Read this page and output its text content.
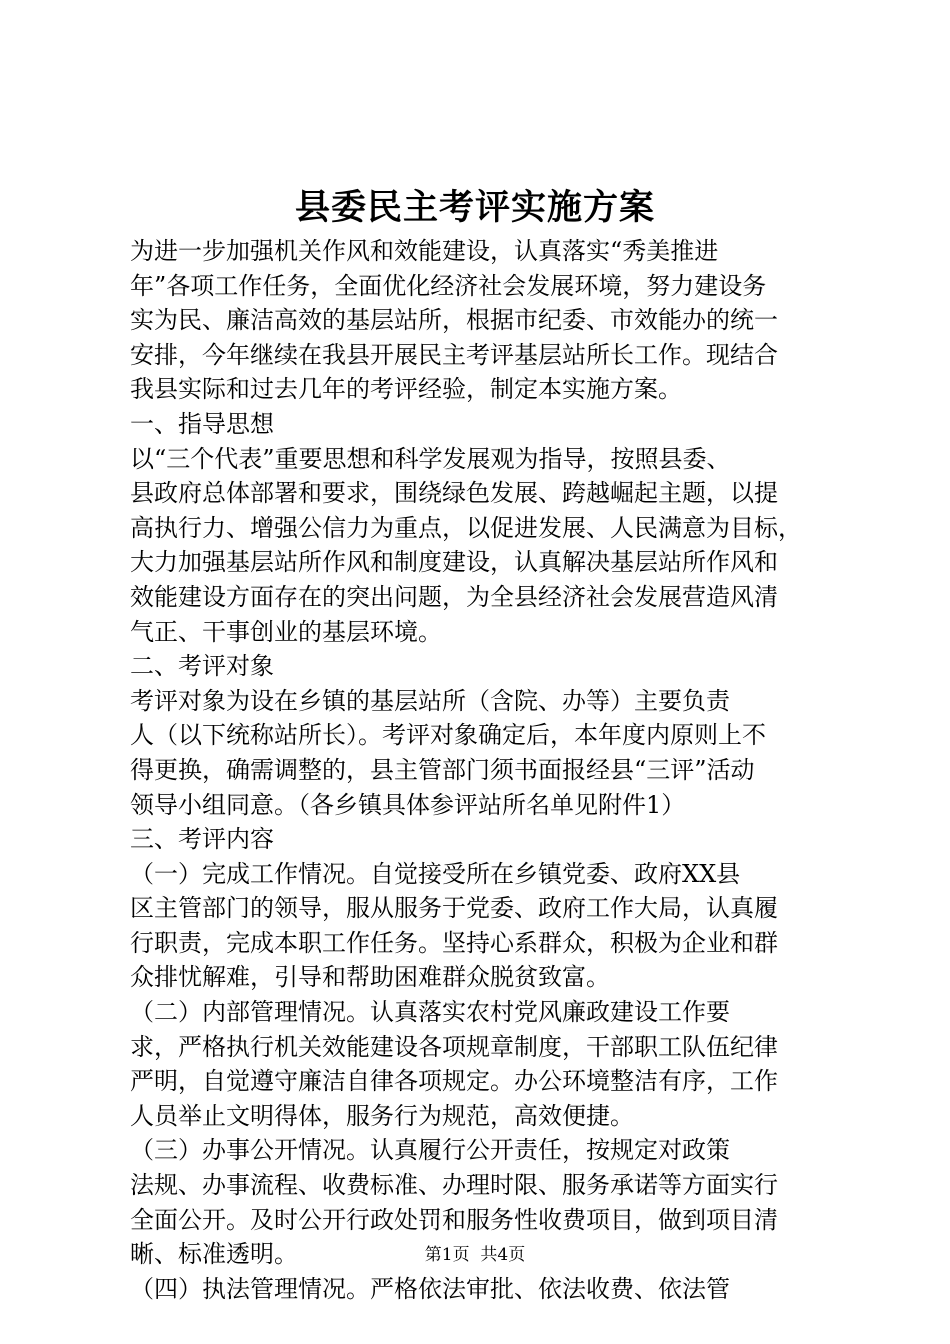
县委民主考评实施方案
为进一步加强机关作风和效能建设，认真落实“秀美推进
年”各项工作任务，全面优化经济社会发展环境，努力建设务
实为民、廉洁高效的基层站所，根据市纪委、市效能办的统一
安排，今年继续在我县开展民主考评基层站所长工作。现结合
我县实际和过去几年的考评经验，制定本实施方案。
一、指导思想
以“三个代表”重要思想和科学发展观为指导，按照县委、
县政府总体部署和要求，围绕绿色发展、跨越崛起主题，以提
高执行力、增强公信力为重点，以促进发展、人民满意为目标，
大力加强基层站所作风和制度建设，认真解决基层站所作风和
效能建设方面存在的突出问题，为全县经济社会发展营造风清
气正、干事创业的基层环境。
二、考评对象
考评对象为设在乡镇的基层站所（含院、办等）主要负责
人（以下统称站所长）。考评对象确定后，本年度内原则上不
得更换，确需调整的，县主管部门须书面报经县“三评”活动
领导小组同意。（各乡镇具体参评站所名单见附件1）
三、考评内容
（一）完成工作情况。自觉接受所在乡镇党委、政府XX县
区主管部门的领导，服从服务于党委、政府工作大局，认真履
行职责，完成本职工作任务。坚持心系群众，积极为企业和群
众排忧解难，引导和帮助困难群众脱贫致富。
（二）内部管理情况。认真落实农村党风廉政建设工作要
求，严格执行机关效能建设各项规章制度，干部职工队伍纪律
严明，自觉遵守廉洁自律各项规定。办公环境整洁有序，工作
人员举止文明得体，服务行为规范，高效便捷。
（三）办事公开情况。认真履行公开责任，按规定对政策
法规、办事流程、收费标准、办理时限、服务承诺等方面实行
全面公开。及时公开行政处罚和服务性收费项目，做到项目清
晰、标准透明。
（四）执法管理情况。严格依法审批、依法收费、依法管
第1页  共4页
